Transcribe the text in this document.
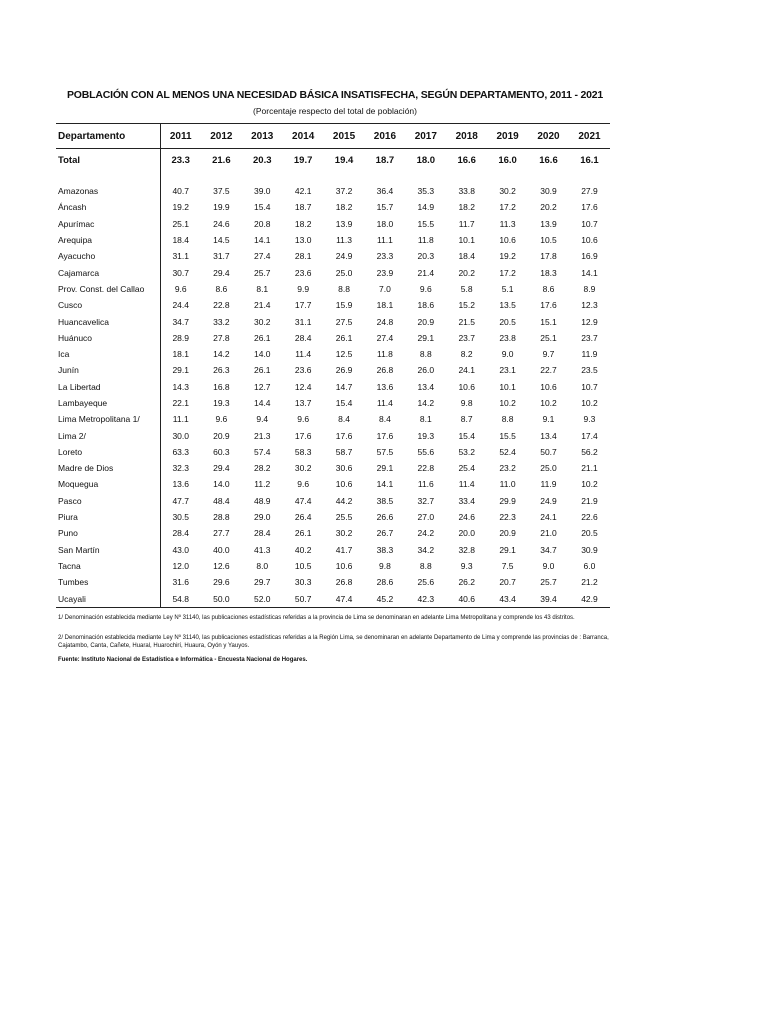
POBLACIÓN CON AL MENOS UNA NECESIDAD BÁSICA INSATISFECHA, SEGÚN DEPARTAMENTO, 2011 - 2021
(Porcentaje respecto del total de población)
Departamento	2011	2012	2013	2014	2015	2016	2017	2018	2019	2020	2021
Total	23.3	21.6	20.3	19.7	19.4	18.7	18.0	16.6	16.0	16.6	16.1

Amazonas	40.7	37.5	39.0	42.1	37.2	36.4	35.3	33.8	30.2	30.9	27.9
Áncash	19.2	19.9	15.4	18.7	18.2	15.7	14.9	18.2	17.2	20.2	17.6
Apurímac	25.1	24.6	20.8	18.2	13.9	18.0	15.5	11.7	11.3	13.9	10.7
Arequipa	18.4	14.5	14.1	13.0	11.3	11.1	11.8	10.1	10.6	10.5	10.6
Ayacucho	31.1	31.7	27.4	28.1	24.9	23.3	20.3	18.4	19.2	17.8	16.9
Cajamarca	30.7	29.4	25.7	23.6	25.0	23.9	21.4	20.2	17.2	18.3	14.1
Prov. Const. del Callao	9.6	8.6	8.1	9.9	8.8	7.0	9.6	5.8	5.1	8.6	8.9
Cusco	24.4	22.8	21.4	17.7	15.9	18.1	18.6	15.2	13.5	17.6	12.3
Huancavelica	34.7	33.2	30.2	31.1	27.5	24.8	20.9	21.5	20.5	15.1	12.9
Huánuco	28.9	27.8	26.1	28.4	26.1	27.4	29.1	23.7	23.8	25.1	23.7
Ica	18.1	14.2	14.0	11.4	12.5	11.8	8.8	8.2	9.0	9.7	11.9
Junín	29.1	26.3	26.1	23.6	26.9	26.8	26.0	24.1	23.1	22.7	23.5
La Libertad	14.3	16.8	12.7	12.4	14.7	13.6	13.4	10.6	10.1	10.6	10.7
Lambayeque	22.1	19.3	14.4	13.7	15.4	11.4	14.2	9.8	10.2	10.2	10.2
Lima Metropolitana 1/	11.1	9.6	9.4	9.6	8.4	8.4	8.1	8.7	8.8	9.1	9.3
Lima 2/	30.0	20.9	21.3	17.6	17.6	17.6	19.3	15.4	15.5	13.4	17.4
Loreto	63.3	60.3	57.4	58.3	58.7	57.5	55.6	53.2	52.4	50.7	56.2
Madre de Dios	32.3	29.4	28.2	30.2	30.6	29.1	22.8	25.4	23.2	25.0	21.1
Moquegua	13.6	14.0	11.2	9.6	10.6	14.1	11.6	11.4	11.0	11.9	10.2
Pasco	47.7	48.4	48.9	47.4	44.2	38.5	32.7	33.4	29.9	24.9	21.9
Piura	30.5	28.8	29.0	26.4	25.5	26.6	27.0	24.6	22.3	24.1	22.6
Puno	28.4	27.7	28.4	26.1	30.2	26.7	24.2	20.0	20.9	21.0	20.5
San Martín	43.0	40.0	41.3	40.2	41.7	38.3	34.2	32.8	29.1	34.7	30.9
Tacna	12.0	12.6	8.0	10.5	10.6	9.8	8.8	9.3	7.5	9.0	6.0
Tumbes	31.6	29.6	29.7	30.3	26.8	28.6	25.6	26.2	20.7	25.7	21.2
Ucayali	54.8	50.0	52.0	50.7	47.4	45.2	42.3	40.6	43.4	39.4	42.9

1/ Denominación establecida mediante Ley Nº 31140, las publicaciones estadísticas referidas a la provincia de Lima se denominaran en adelante Lima Metropolitana y comprende los 43 distritos.

2/ Denominación establecida mediante Ley Nº 31140, las publicaciones estadísticas referidas a la Región Lima, se denominaran en adelante Departamento de Lima y comprende las provincias de : Barranca, Cajatambo, Canta, Cañete, Huaral, Huarochirí, Huaura, Oyón y Yauyos.

Fuente: Instituto Nacional de Estadística e Informática - Encuesta Nacional de Hogares.
